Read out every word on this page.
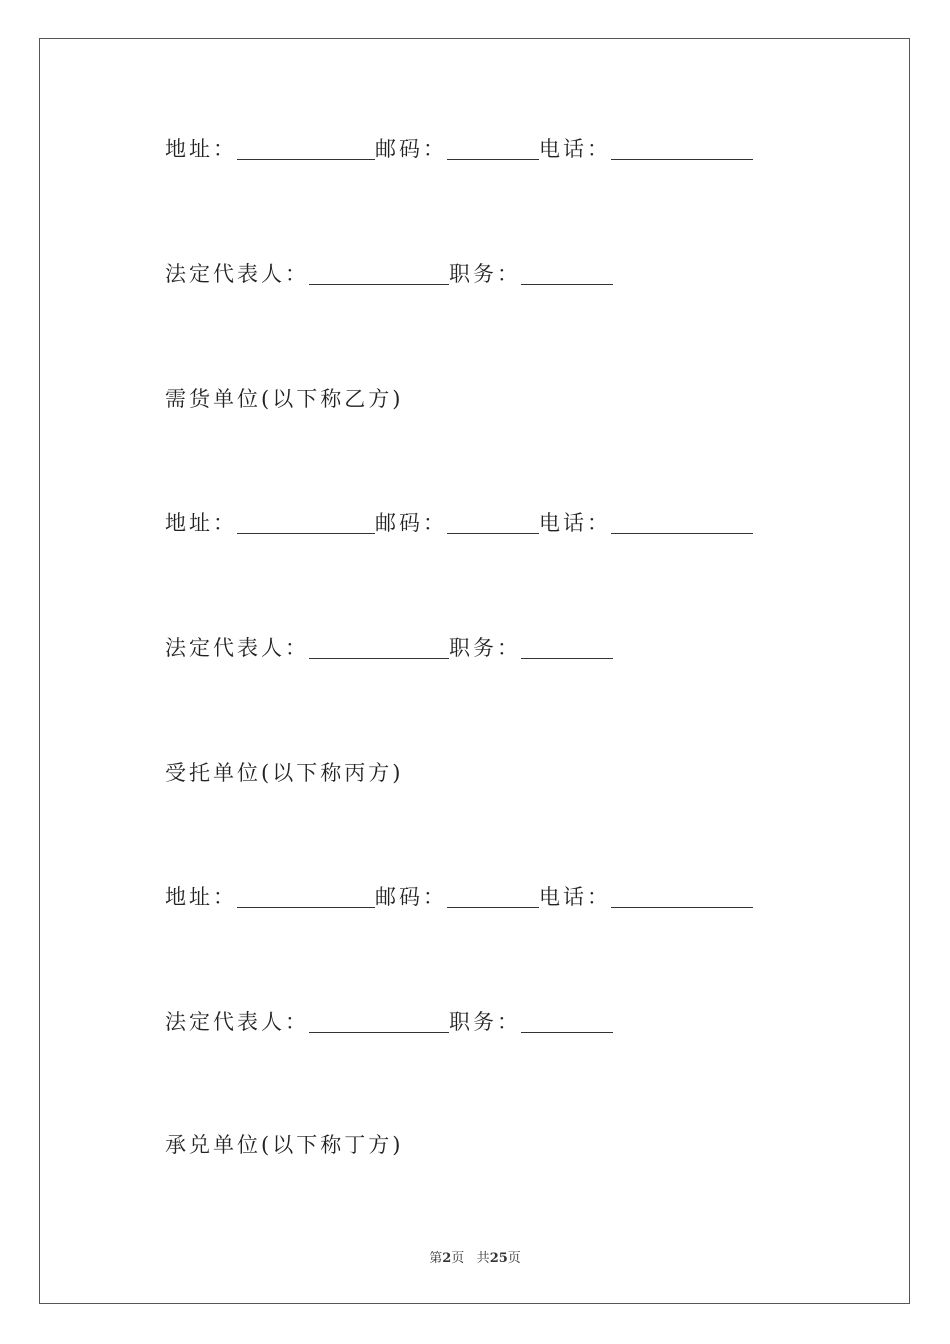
地址：	邮码：	电话：
法定代表人：	职务：
需货单位(以下称乙方)
地址：	邮码：	电话：
法定代表人：	职务：
受托单位(以下称丙方)
地址：	邮码：	电话：
法定代表人：	职务：
承兑单位(以下称丁方)
第2页 共25页
